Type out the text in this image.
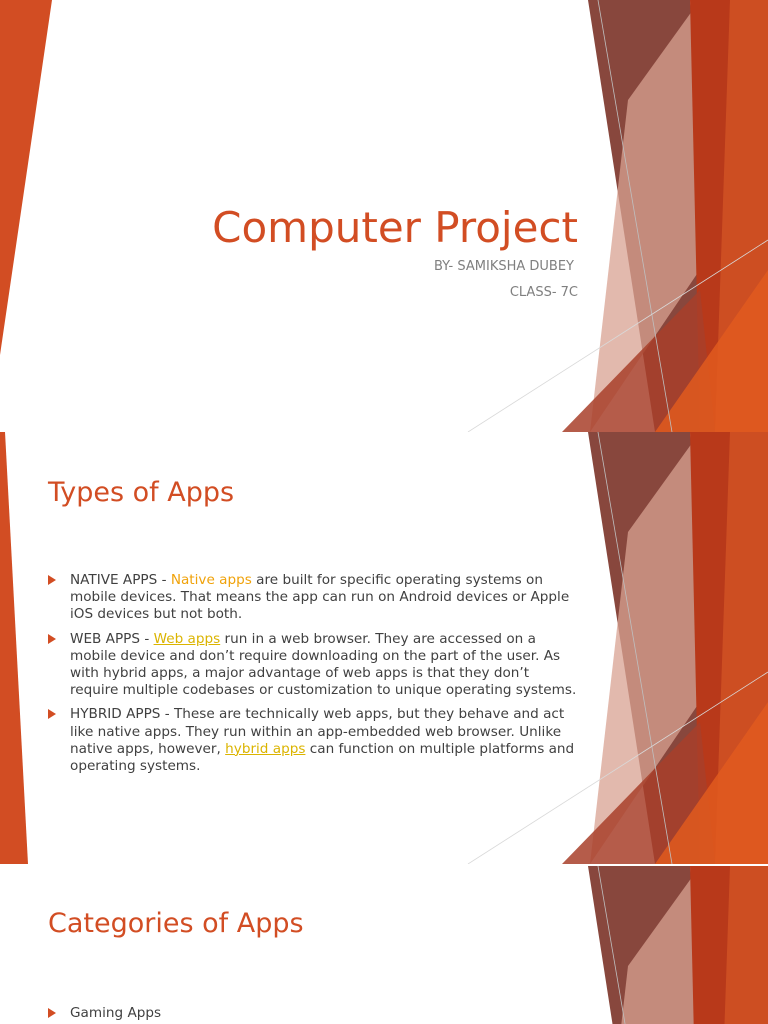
Computer Project

BY- SAMIKSHA DUBEY

CLASS- 7C

Types of Apps
NATIVE APPS - Native apps are built for specific operating systems on mobile devices. That means the app can run on Android devices or Apple iOS devices but not both.
WEB APPS - Web apps run in a web browser. They are accessed on a mobile device and don’t require downloading on the part of the user. As with hybrid apps, a major advantage of web apps is that they don’t require multiple codebases or customization to unique operating systems.
HYBRID APPS - These are technically web apps, but they behave and act like native apps. They run within an app-embedded web browser. Unlike native apps, however, hybrid apps can function on multiple platforms and operating systems.
Categories of Apps
Gaming Apps
